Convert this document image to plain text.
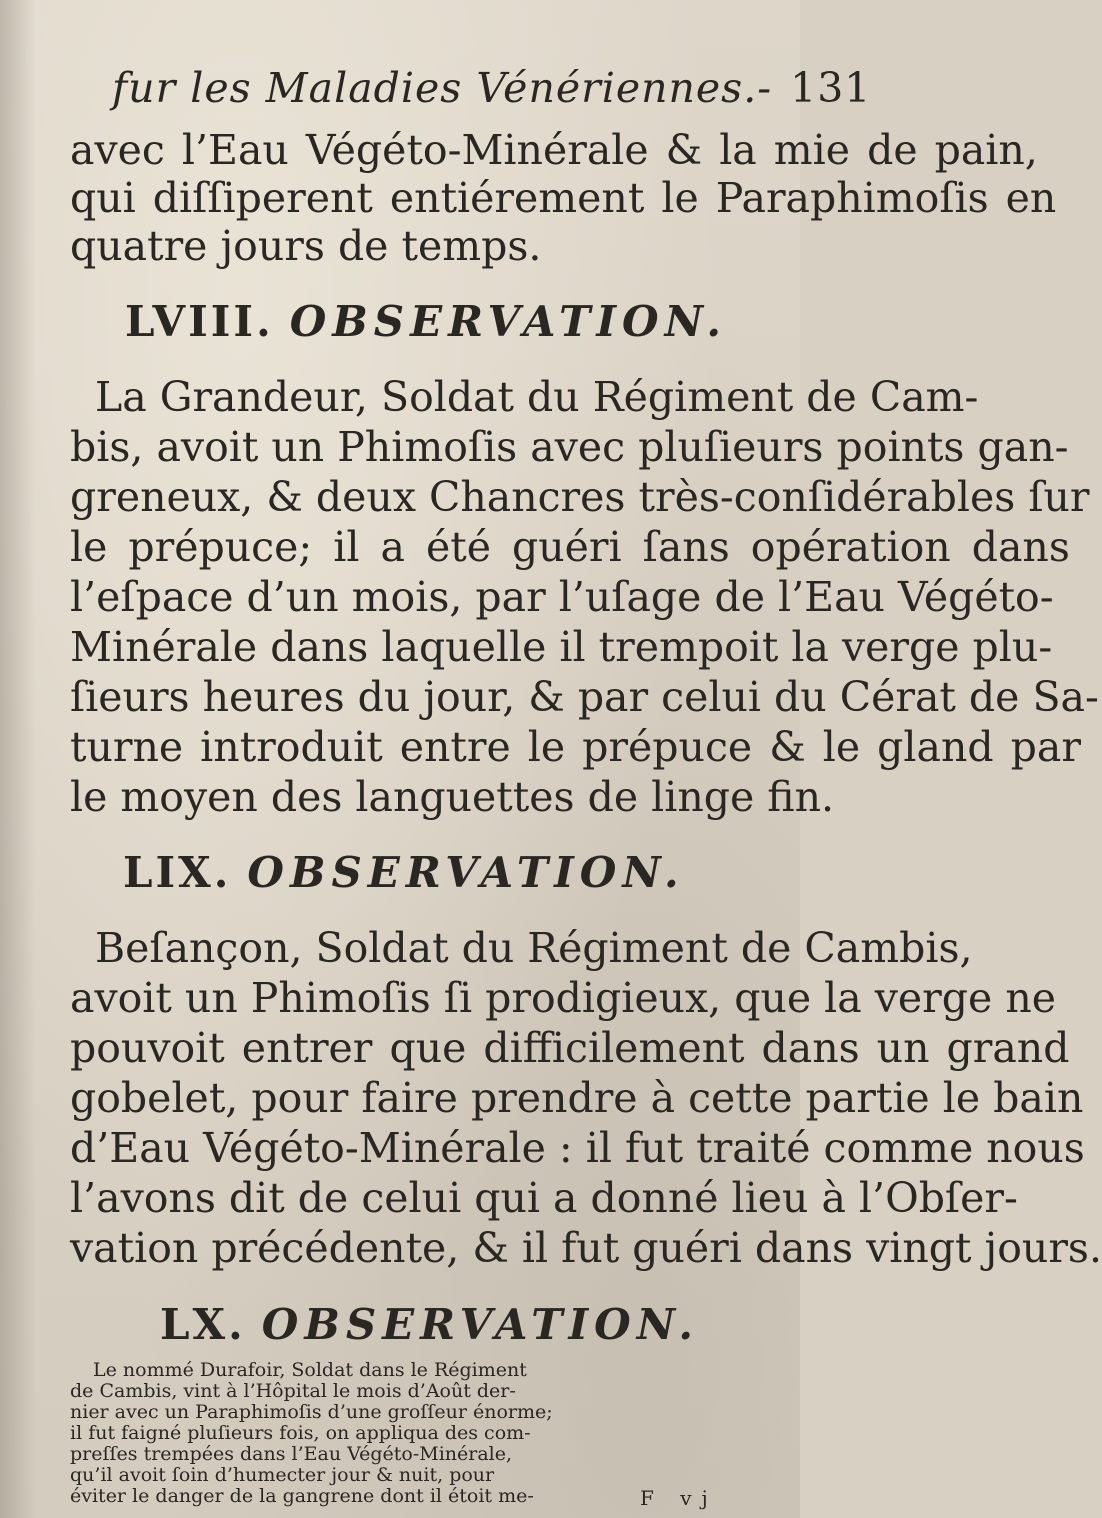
fur les Maladies Vénériennes.- 131
avec l’Eau Végéto-Minérale & la mie de pain,
qui diſſiperent entiérement le Paraphimoſis en
quatre jours de temps.
LVIII. OBSERVATION.
La Grandeur, Soldat du Régiment de Cam-
bis, avoit un Phimoſis avec pluſieurs points gan-
greneux, & deux Chancres très-conſidérables ſur
le prépuce; il a été guéri ſans opération dans
l’eſpace d’un mois, par l’uſage de l’Eau Végéto-
Minérale dans laquelle il trempoit la verge plu-
ſieurs heures du jour, & par celui du Cérat de Sa-
turne introduit entre le prépuce & le gland par
le moyen des languettes de linge fin.
LIX. OBSERVATION.
Beſançon, Soldat du Régiment de Cambis,
avoit un Phimoſis ſi prodigieux, que la verge ne
pouvoit entrer que difficilement dans un grand
gobelet, pour faire prendre à cette partie le bain
d’Eau Végéto-Minérale : il fut traité comme nous
l’avons dit de celui qui a donné lieu à l’Obſer-
vation précédente, & il fut guéri dans vingt jours.
LX. OBSERVATION.
Le nommé Durafoir, Soldat dans le Régiment
de Cambis, vint à l’Hôpital le mois d’Août der-
nier avec un Paraphimoſis d’une groſſeur énorme;
il fut faigné pluſieurs fois, on appliqua des com-
preſſes trempées dans l’Eau Végéto-Minérale,
qu’il avoit ſoin d’humecter jour & nuit, pour
éviter le danger de la gangrene dont il étoit me-	F vj
